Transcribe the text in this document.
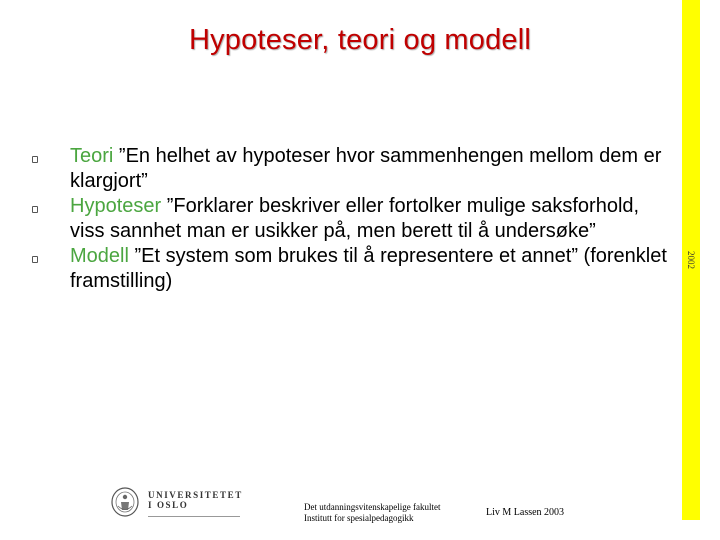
Hypoteser, teori og modell
Teori ”En helhet av hypoteser hvor sammenhengen mellom dem er klargjort”
Hypoteser ”Forklarer beskriver eller fortolker mulige saksforhold, viss sannhet man er usikker på, men berett til å undersøke”
Modell ”Et system som brukes til å representere et annet” (forenklet framstilling)
2002
UNIVERSITETET
I OSLO	Det utdanningsvitenskapelige fakultet
Institutt for spesialpedagogikk	Liv M Lassen 2003
